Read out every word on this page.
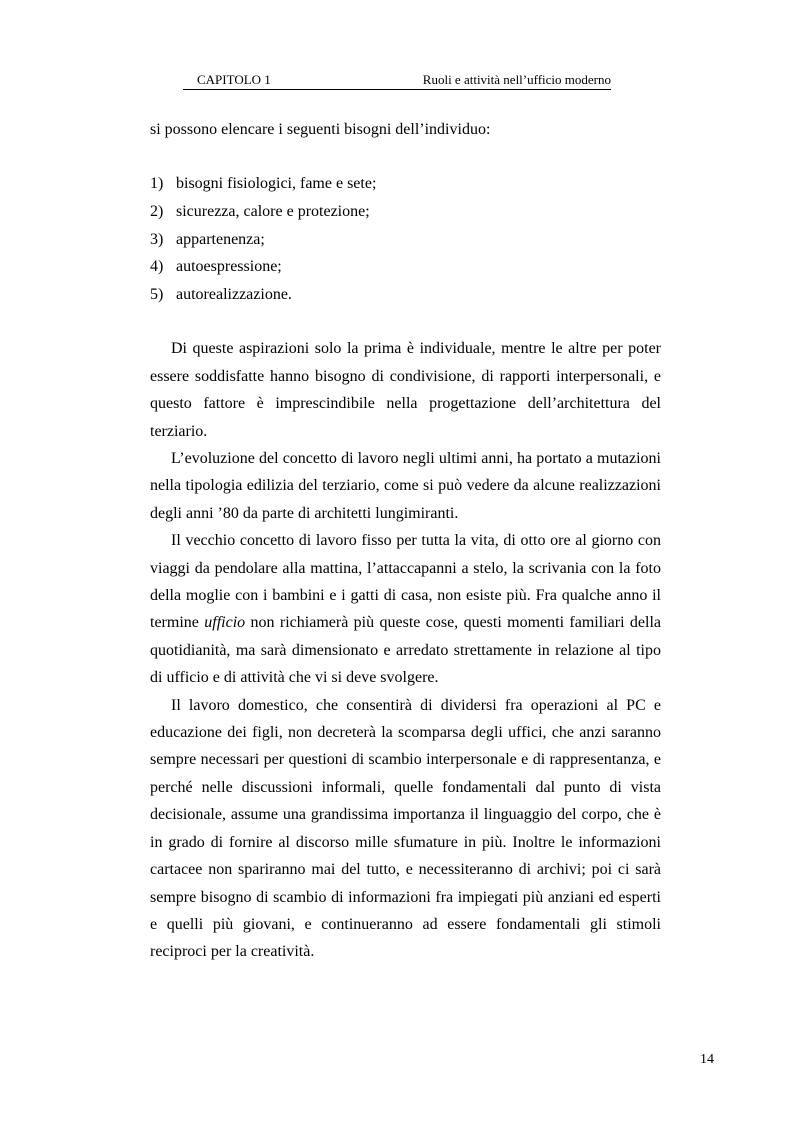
CAPITOLO 1	Ruoli e attività nell’ufficio moderno

si possono elencare i seguenti bisogni dell’individuo:

1) bisogni fisiologici, fame e sete;
2) sicurezza, calore e protezione;
3) appartenenza;
4) autoespressione;
5) autorealizzazione.

Di queste aspirazioni solo la prima è individuale, mentre le altre per poter essere soddisfatte hanno bisogno di condivisione, di rapporti interpersonali, e questo fattore è imprescindibile nella progettazione dell’architettura del terziario.

L’evoluzione del concetto di lavoro negli ultimi anni, ha portato a mutazioni nella tipologia edilizia del terziario, come si può vedere da alcune realizzazioni degli anni ’80 da parte di architetti lungimiranti.

Il vecchio concetto di lavoro fisso per tutta la vita, di otto ore al giorno con viaggi da pendolare alla mattina, l’attaccapanni a stelo, la scrivania con la foto della moglie con i bambini e i gatti di casa, non esiste più. Fra qualche anno il termine ufficio non richiamerà più queste cose, questi momenti familiari della quotidianità, ma sarà dimensionato e arredato strettamente in relazione al tipo di ufficio e di attività che vi si deve svolgere.

Il lavoro domestico, che consentirà di dividersi fra operazioni al PC e educazione dei figli, non decreterà la scomparsa degli uffici, che anzi saranno sempre necessari per questioni di scambio interpersonale e di rappresentanza, e perché nelle discussioni informali, quelle fondamentali dal punto di vista decisionale, assume una grandissima importanza il linguaggio del corpo, che è in grado di fornire al discorso mille sfumature in più. Inoltre le informazioni cartacee non spariranno mai del tutto, e necessiteranno di archivi; poi ci sarà sempre bisogno di scambio di informazioni fra impiegati più anziani ed esperti e quelli più giovani, e continueranno ad essere fondamentali gli stimoli reciproci per la creatività.

14
